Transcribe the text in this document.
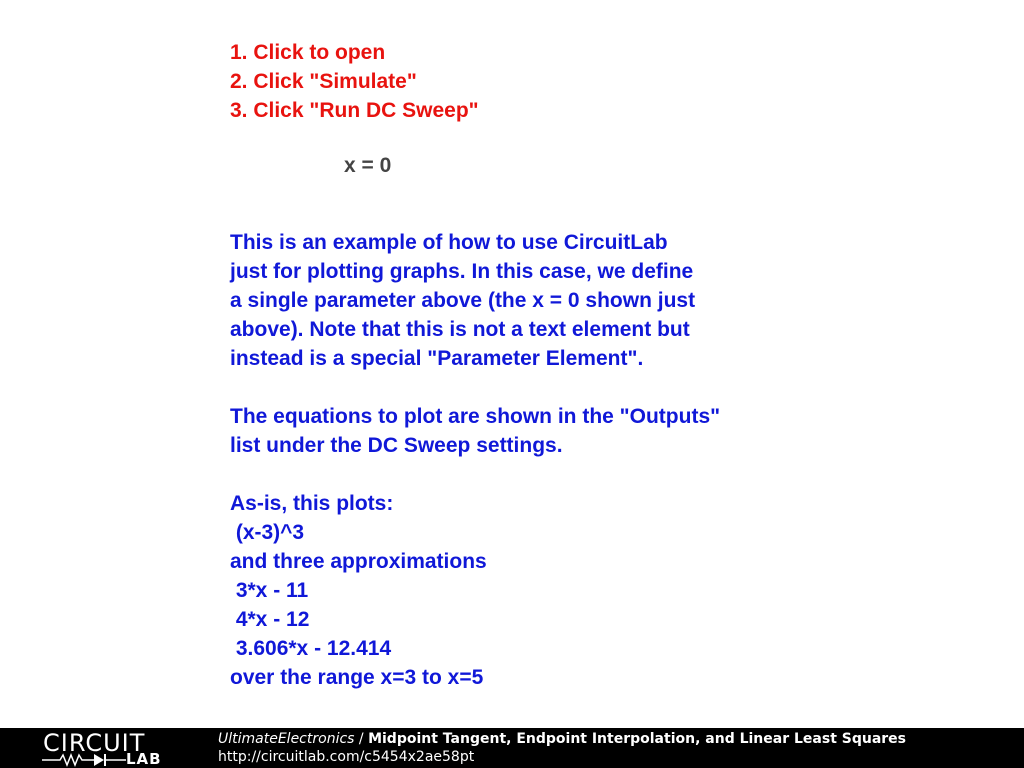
1. Click to open
2. Click "Simulate"
3. Click "Run DC Sweep"
x = 0
This is an example of how to use CircuitLab
just for plotting graphs. In this case, we define
a single parameter above (the x = 0 shown just
above). Note that this is not a text element but
instead is a special "Parameter Element".
The equations to plot are shown in the "Outputs"
list under the DC Sweep settings.
As-is, this plots:
(x-3)^3
and three approximations
3*x - 11
4*x - 12
3.606*x - 12.414
over the range x=3 to x=5
CIRCUIT
LAB
UltimateElectronics / Midpoint Tangent, Endpoint Interpolation, and Linear Least Squares
http://circuitlab.com/c5454x2ae58pt
